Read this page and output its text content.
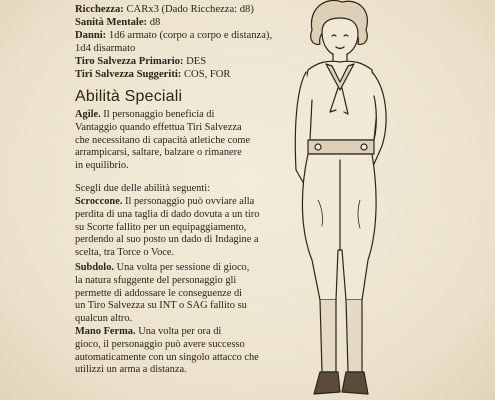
Ricchezza: CARx3 (Dado Ricchezza: d8)
Sanità Mentale: d8
Danni: 1d6 armato (corpo a corpo e distanza),
1d4 disarmato
Tiro Salvezza Primario: DES
Tiri Salvezza Suggeriti: COS, FOR
Abilità Speciali
Agile. Il personaggio beneficia di
Vantaggio quando effettua Tiri Salvezza
che necessitano di capacità atletiche come
arrampicarsi, saltare, balzare o rimanere
in equilibrio.
Scegli due delle abilità seguenti:
Scroccone. Il personaggio può ovviare alla
perdita di una taglia di dado dovuta a un tiro
su Scorte fallito per un equipaggiamento,
perdendo al suo posto un dado di Indagine a
scelta, tra Torce o Voce.
Subdolo. Una volta per sessione di gioco,
la natura sfuggente del personaggio gli
permette di addossare le conseguenze di
un Tiro Salvezza su INT o SAG fallito su
qualcun altro.
Mano Ferma. Una volta per ora di
gioco, il personaggio può avere successo
automaticamente con un singolo attacco che
utilizzi un arma a distanza.
